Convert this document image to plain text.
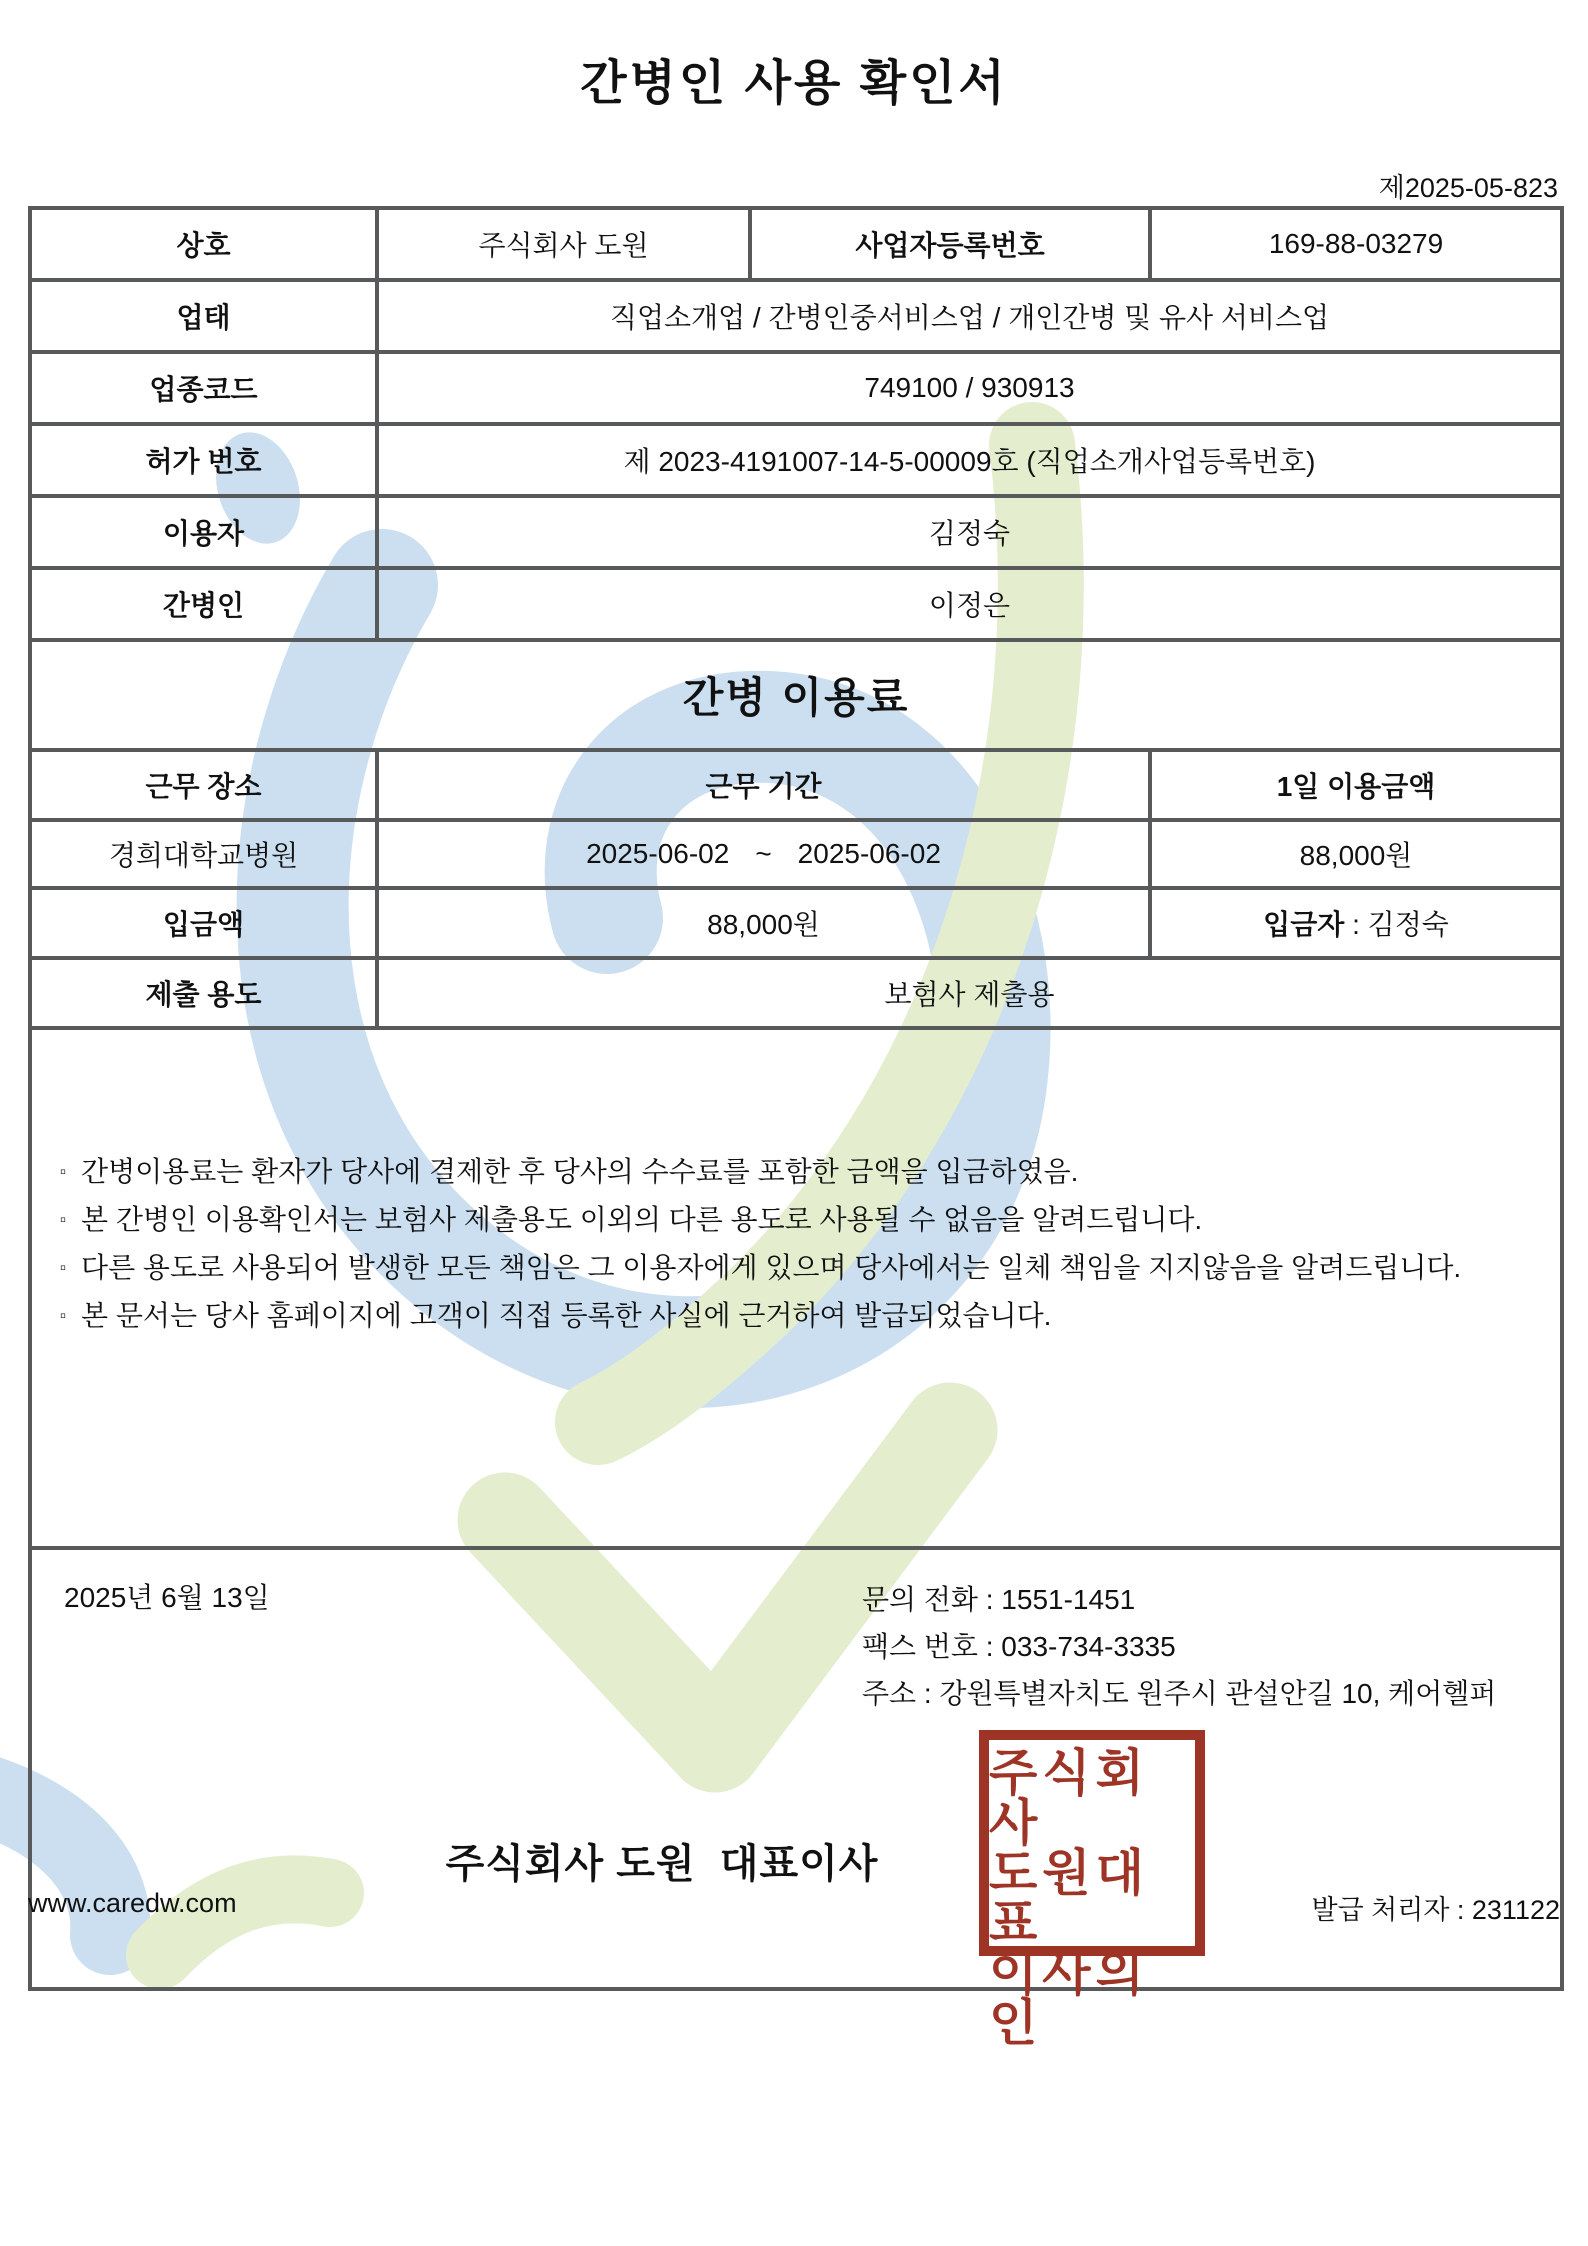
간병인 사용 확인서
제2025-05-823
상호	주식회사 도원	사업자등록번호	169-88-03279
업태	직업소개업 / 간병인중서비스업 / 개인간병 및 유사 서비스업		
업종코드	749100 / 930913		
허가 번호	제 2023-4191007-14-5-00009호 (직업소개사업등록번호)		
이용자	김정숙		
간병인	이정은		
간병 이용료			
근무 장소	근무 기간		1일 이용금액
경희대학교병원	2025-06-02 ~ 2025-06-02		88,000원
입금액	88,000원		입금자 : 김정숙
제출 용도	보험사 제출용		

▫ 간병이용료는 환자가 당사에 결제한 후 당사의 수수료를 포함한 금액을 입금하였음.
▫ 본 간병인 이용확인서는 보험사 제출용도 이외의 다른 용도로 사용될 수 없음을 알려드립니다.
▫ 다른 용도로 사용되어 발생한 모든 책임은 그 이용자에게 있으며 당사에서는 일체 책임을 지지않음을 알려드립니다.
▫ 본 문서는 당사 홈페이지에 고객이 직접 등록한 사실에 근거하여 발급되었습니다.			

2025년 6월 13일	문의 전화 : 1551-1451
팩스 번호 : 033-734-3335
주소 : 강원특별자치도 원주시 관설안길 10, 케어헬퍼
주식회사 도원  대표이사
주식회사
도원대표
이사의인
www.caredw.com	발급 처리자 : 231122
